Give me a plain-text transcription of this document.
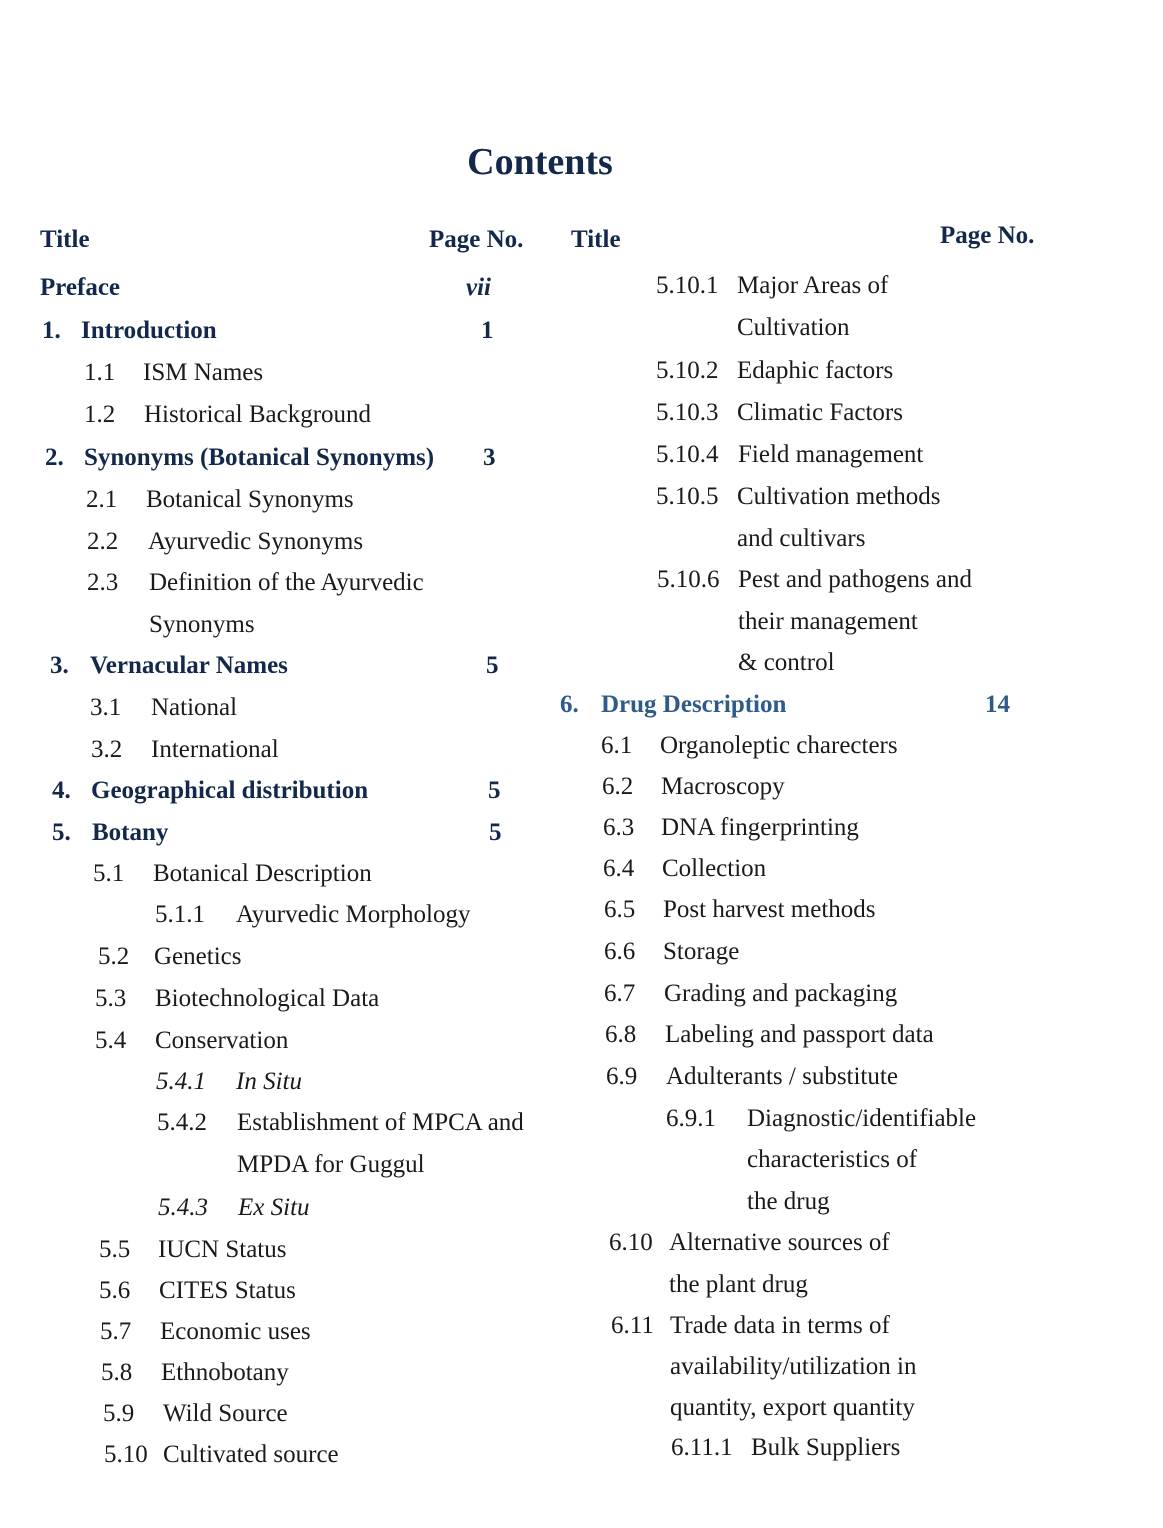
Contents
Title	Page No. Title	Page No.
Preface	vii
1. Introduction	1
1.1 ISM Names
1.2 Historical Background
2. Synonyms (Botanical Synonyms) 3
2.1 Botanical Synonyms
2.2 Ayurvedic Synonyms
2.3 Definition of the Ayurvedic
Synonyms
3. Vernacular Names	5
3.1 National
3.2 International
4. Geographical distribution	5
5. Botany	5
5.1 Botanical Description
5.1.1 Ayurvedic Morphology
5.2 Genetics
5.3 Biotechnological Data
5.4 Conservation
5.4.1 In Situ
5.4.2 Establishment of MPCA and
MPDA for Guggul
5.4.3 Ex Situ
5.5 IUCN Status
5.6 CITES Status
5.7 Economic uses
5.8 Ethnobotany
5.9 Wild Source
5.10 Cultivated source
5.10.1 Major Areas of
Cultivation
5.10.2 Edaphic factors
5.10.3 Climatic Factors
5.10.4 Field management
5.10.5 Cultivation methods
and cultivars
5.10.6 Pest and pathogens and
their management
& control
6. Drug Description	14
6.1 Organoleptic charecters
6.2 Macroscopy
6.3 DNA fingerprinting
6.4 Collection
6.5 Post harvest methods
6.6 Storage
6.7 Grading and packaging
6.8 Labeling and passport data
6.9 Adulterants / substitute
6.9.1 Diagnostic/identifiable
characteristics of
the drug
6.10 Alternative sources of
the plant drug
6.11 Trade data in terms of
availability/utilization in
quantity, export quantity
6.11.1 Bulk Suppliers
